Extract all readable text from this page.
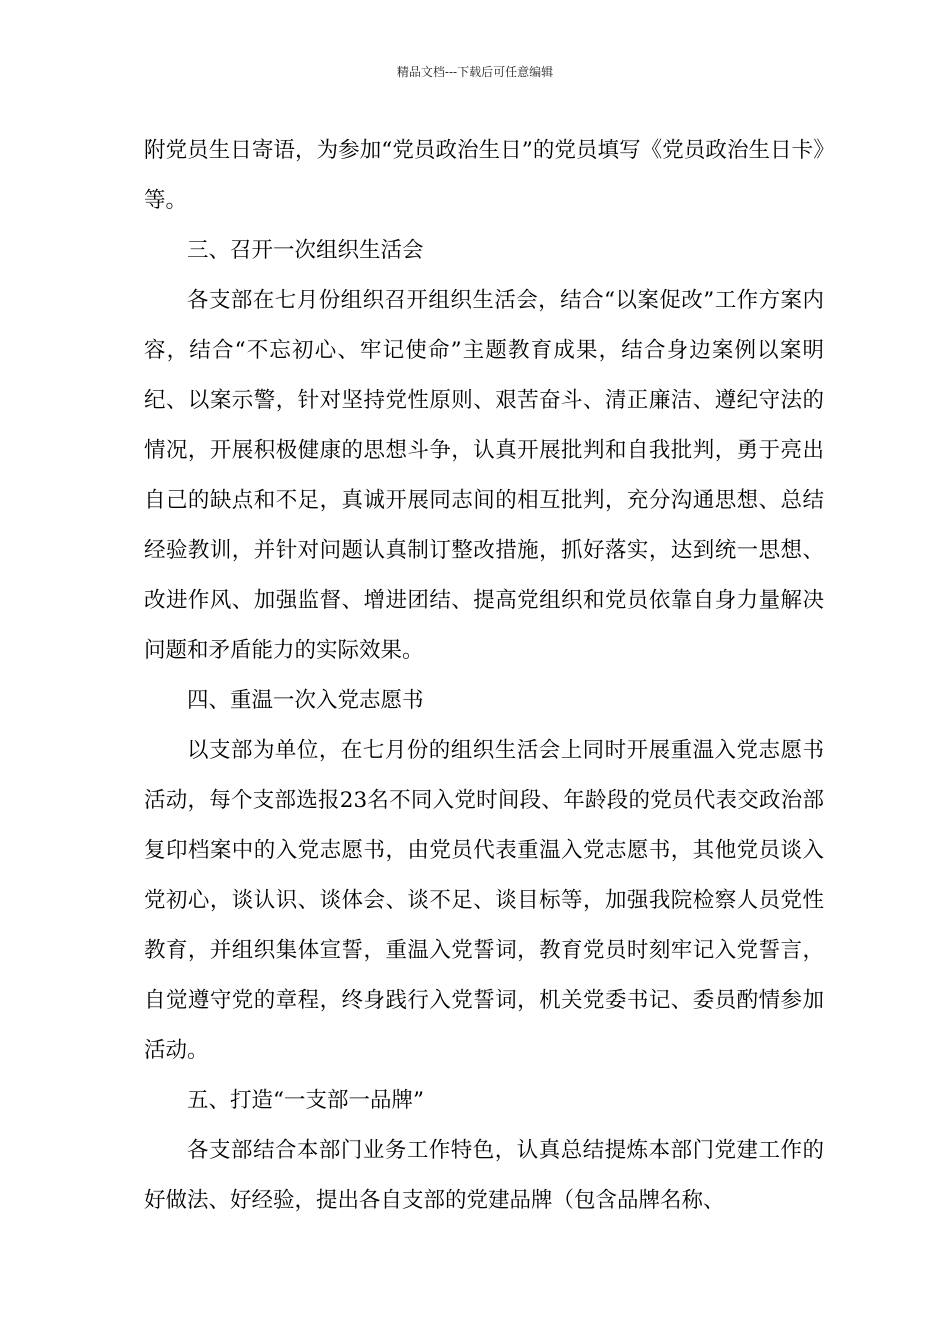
精品文档---下载后可任意编辑

附党员生日寄语，为参加“党员政治生日”的党员填写《党员政治生日卡》等。

三、召开一次组织生活会

各支部在七月份组织召开组织生活会，结合“以案促改”工作方案内容，结合“不忘初心、牢记使命”主题教育成果，结合身边案例以案明纪、以案示警，针对坚持党性原则、艰苦奋斗、清正廉洁、遵纪守法的情况，开展积极健康的思想斗争，认真开展批判和自我批判，勇于亮出自己的缺点和不足，真诚开展同志间的相互批判，充分沟通思想、总结经验教训，并针对问题认真制订整改措施，抓好落实，达到统一思想、改进作风、加强监督、增进团结、提高党组织和党员依靠自身力量解决问题和矛盾能力的实际效果。

四、重温一次入党志愿书

以支部为单位，在七月份的组织生活会上同时开展重温入党志愿书活动，每个支部选报23名不同入党时间段、年龄段的党员代表交政治部复印档案中的入党志愿书，由党员代表重温入党志愿书，其他党员谈入党初心，谈认识、谈体会、谈不足、谈目标等，加强我院检察人员党性教育，并组织集体宣誓，重温入党誓词，教育党员时刻牢记入党誓言，自觉遵守党的章程，终身践行入党誓词，机关党委书记、委员酌情参加活动。

五、打造“一支部一品牌”

各支部结合本部门业务工作特色，认真总结提炼本部门党建工作的好做法、好经验，提出各自支部的党建品牌（包含品牌名称、
